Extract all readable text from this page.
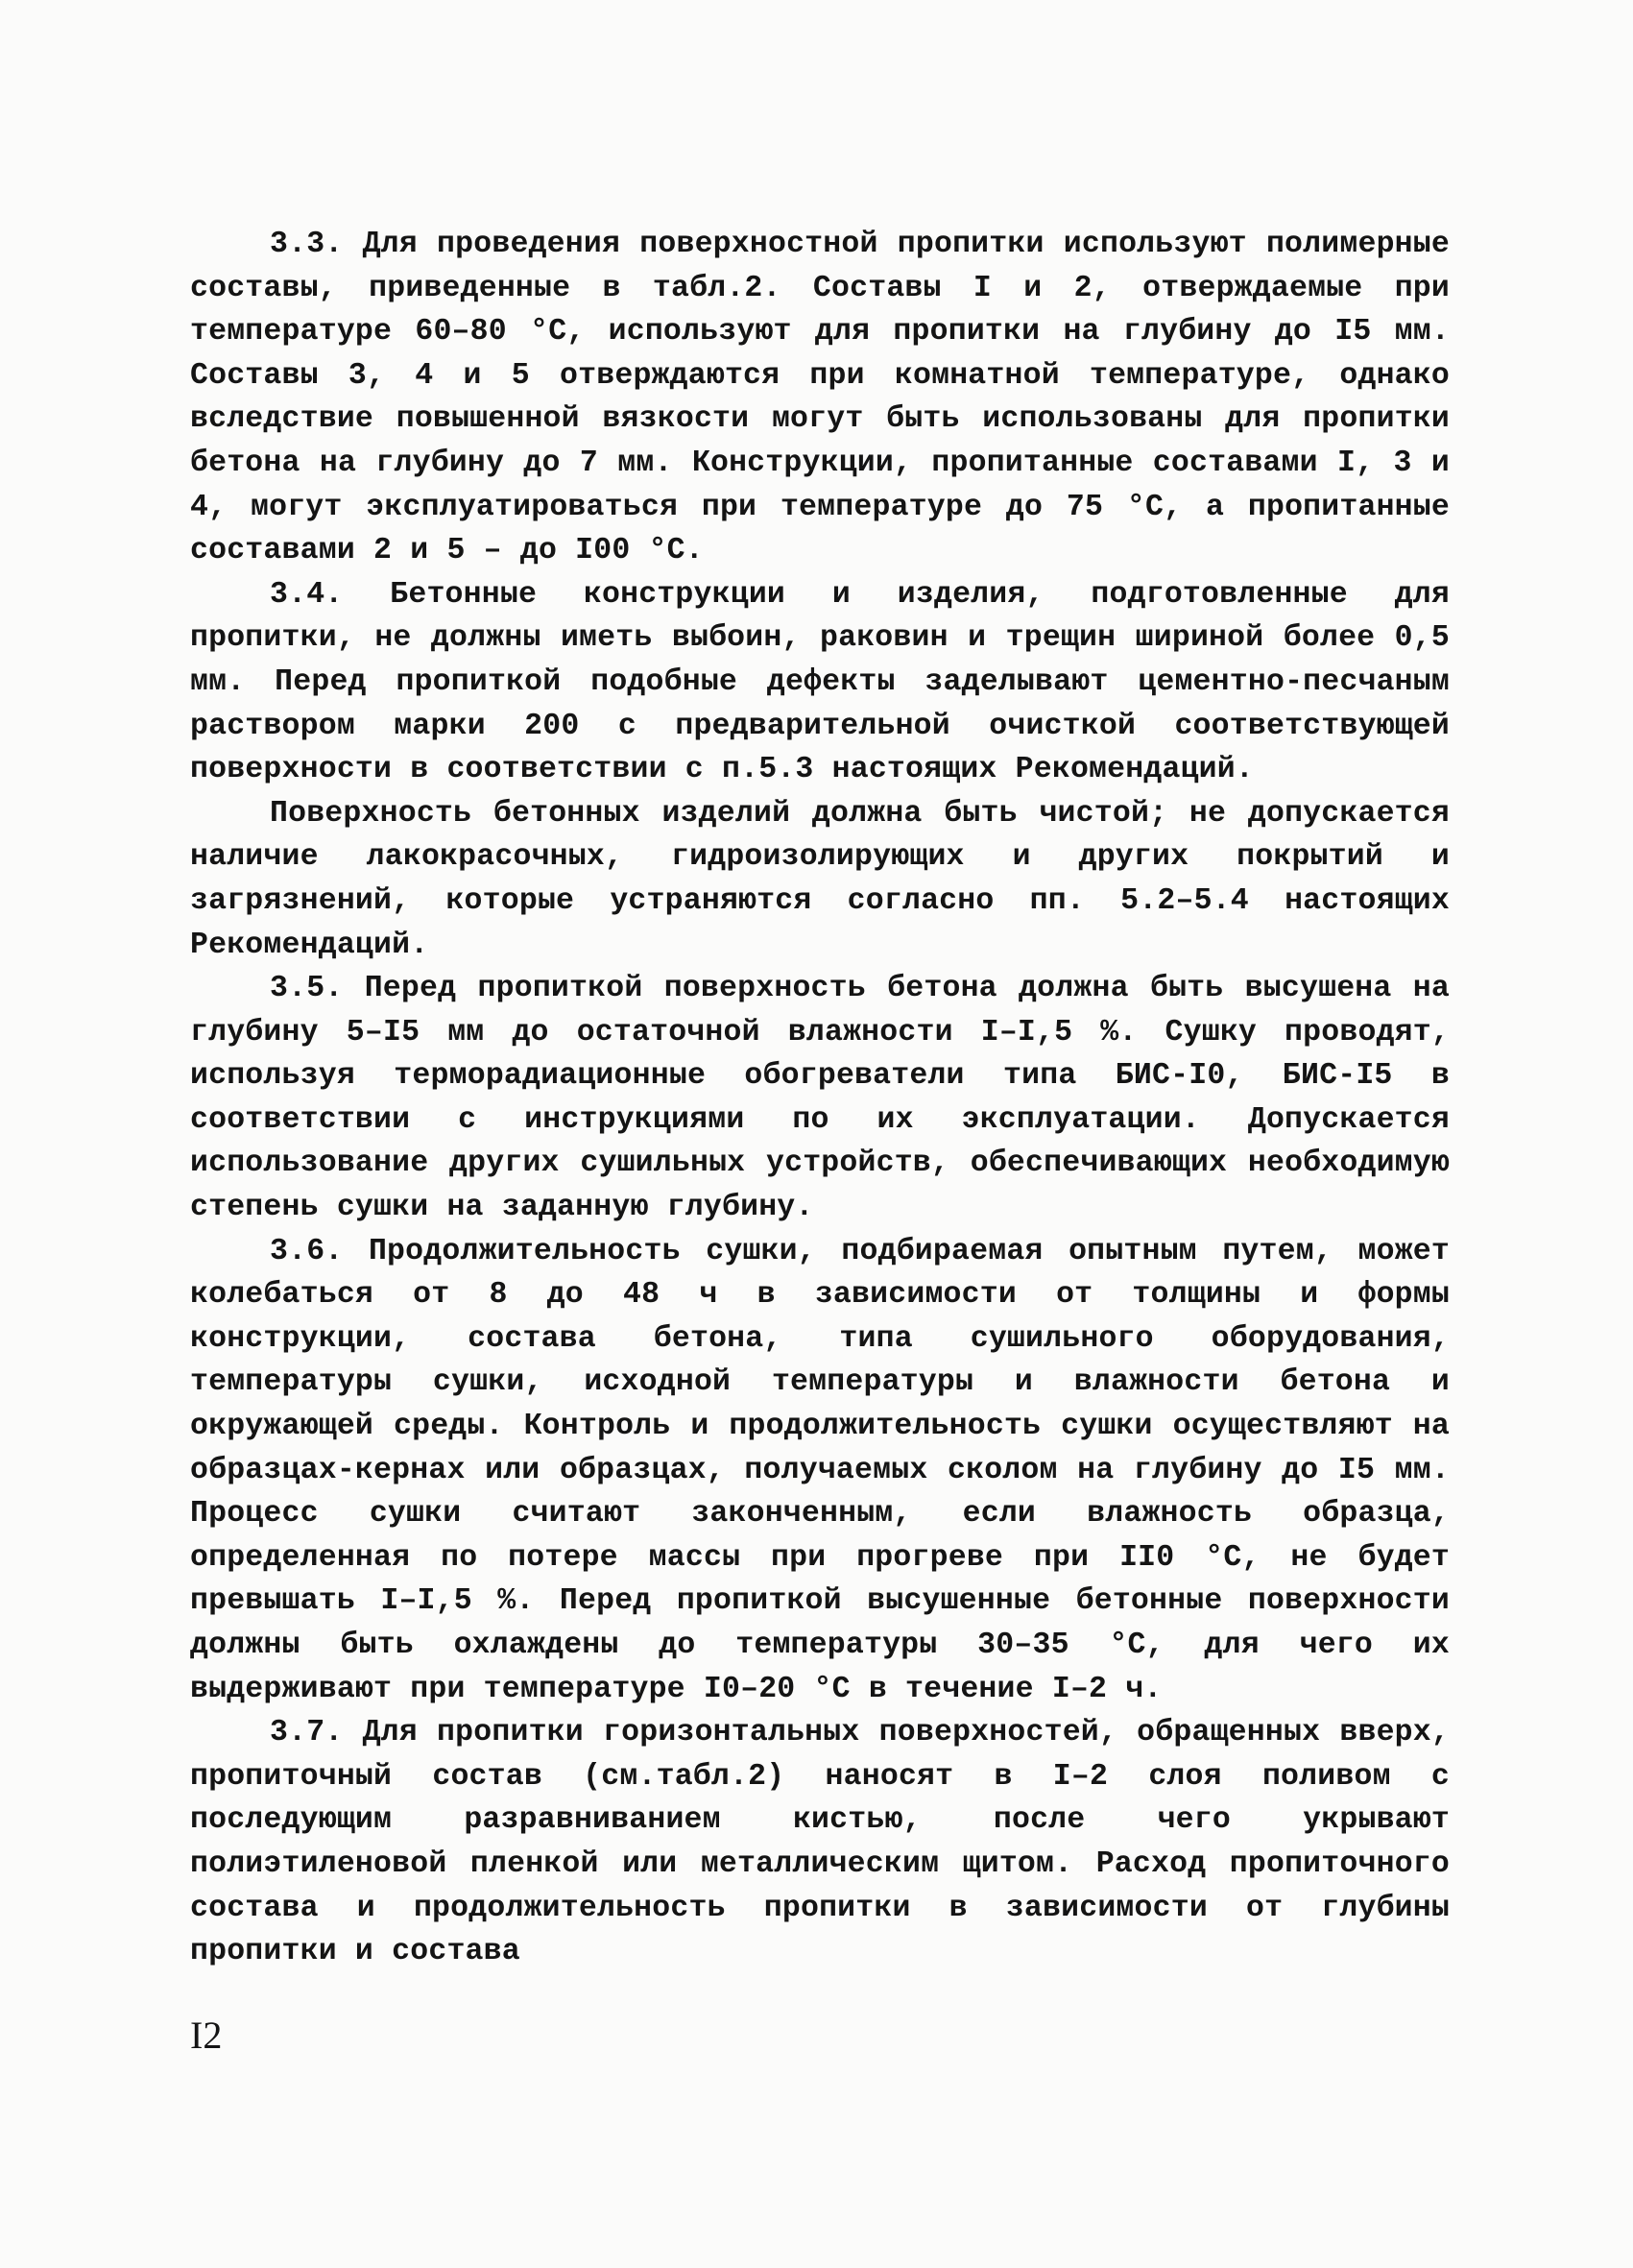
3.3. Для проведения поверхностной пропитки используют полимерные составы, приведенные в табл.2. Составы I и 2, отверждаемые при температуре 60–80 °С, используют для пропитки на глубину до I5 мм. Составы 3, 4 и 5 отверждаются при комнатной температуре, однако вследствие повышенной вязкости могут быть использованы для пропитки бетона на глубину до 7 мм. Конструкции, пропитанные составами I, 3 и 4, могут эксплуатироваться при температуре до 75 °С, а пропитанные составами 2 и 5 – до I00 °С.

3.4. Бетонные конструкции и изделия, подготовленные для пропитки, не должны иметь выбоин, раковин и трещин шириной более 0,5 мм. Перед пропиткой подобные дефекты заделывают цементно-песчаным раствором марки 200 с предварительной очисткой соответствующей поверхности в соответствии с п.5.3 настоящих Рекомендаций.

Поверхность бетонных изделий должна быть чистой; не допускается наличие лакокрасочных, гидроизолирующих и других покрытий и загрязнений, которые устраняются согласно пп. 5.2–5.4 настоящих Рекомендаций.

3.5. Перед пропиткой поверхность бетона должна быть высушена на глубину 5–I5 мм до остаточной влажности I–I,5 %. Сушку проводят, используя терморадиационные обогреватели типа БИС-I0, БИС-I5 в соответствии с инструкциями по их эксплуатации. Допускается использование других сушильных устройств, обеспечивающих необходимую степень сушки на заданную глубину.

3.6. Продолжительность сушки, подбираемая опытным путем, может колебаться от 8 до 48 ч в зависимости от толщины и формы конструкции, состава бетона, типа сушильного оборудования, температуры сушки, исходной температуры и влажности бетона и окружающей среды. Контроль и продолжительность сушки осуществляют на образцах-кернах или образцах, получаемых сколом на глубину до I5 мм. Процесс сушки считают законченным, если влажность образца, определенная по потере массы при прогреве при II0 °С, не будет превышать I–I,5 %. Перед пропиткой высушенные бетонные поверхности должны быть охлаждены до температуры 30–35 °С, для чего их выдерживают при температуре I0–20 °С в течение I–2 ч.

3.7. Для пропитки горизонтальных поверхностей, обращенных вверх, пропиточный состав (см.табл.2) наносят в I–2 слоя поливом с последующим разравниванием кистью, после чего укрывают полиэтиленовой пленкой или металлическим щитом. Расход пропиточного состава и продолжительность пропитки в зависимости от глубины пропитки и состава

I2
